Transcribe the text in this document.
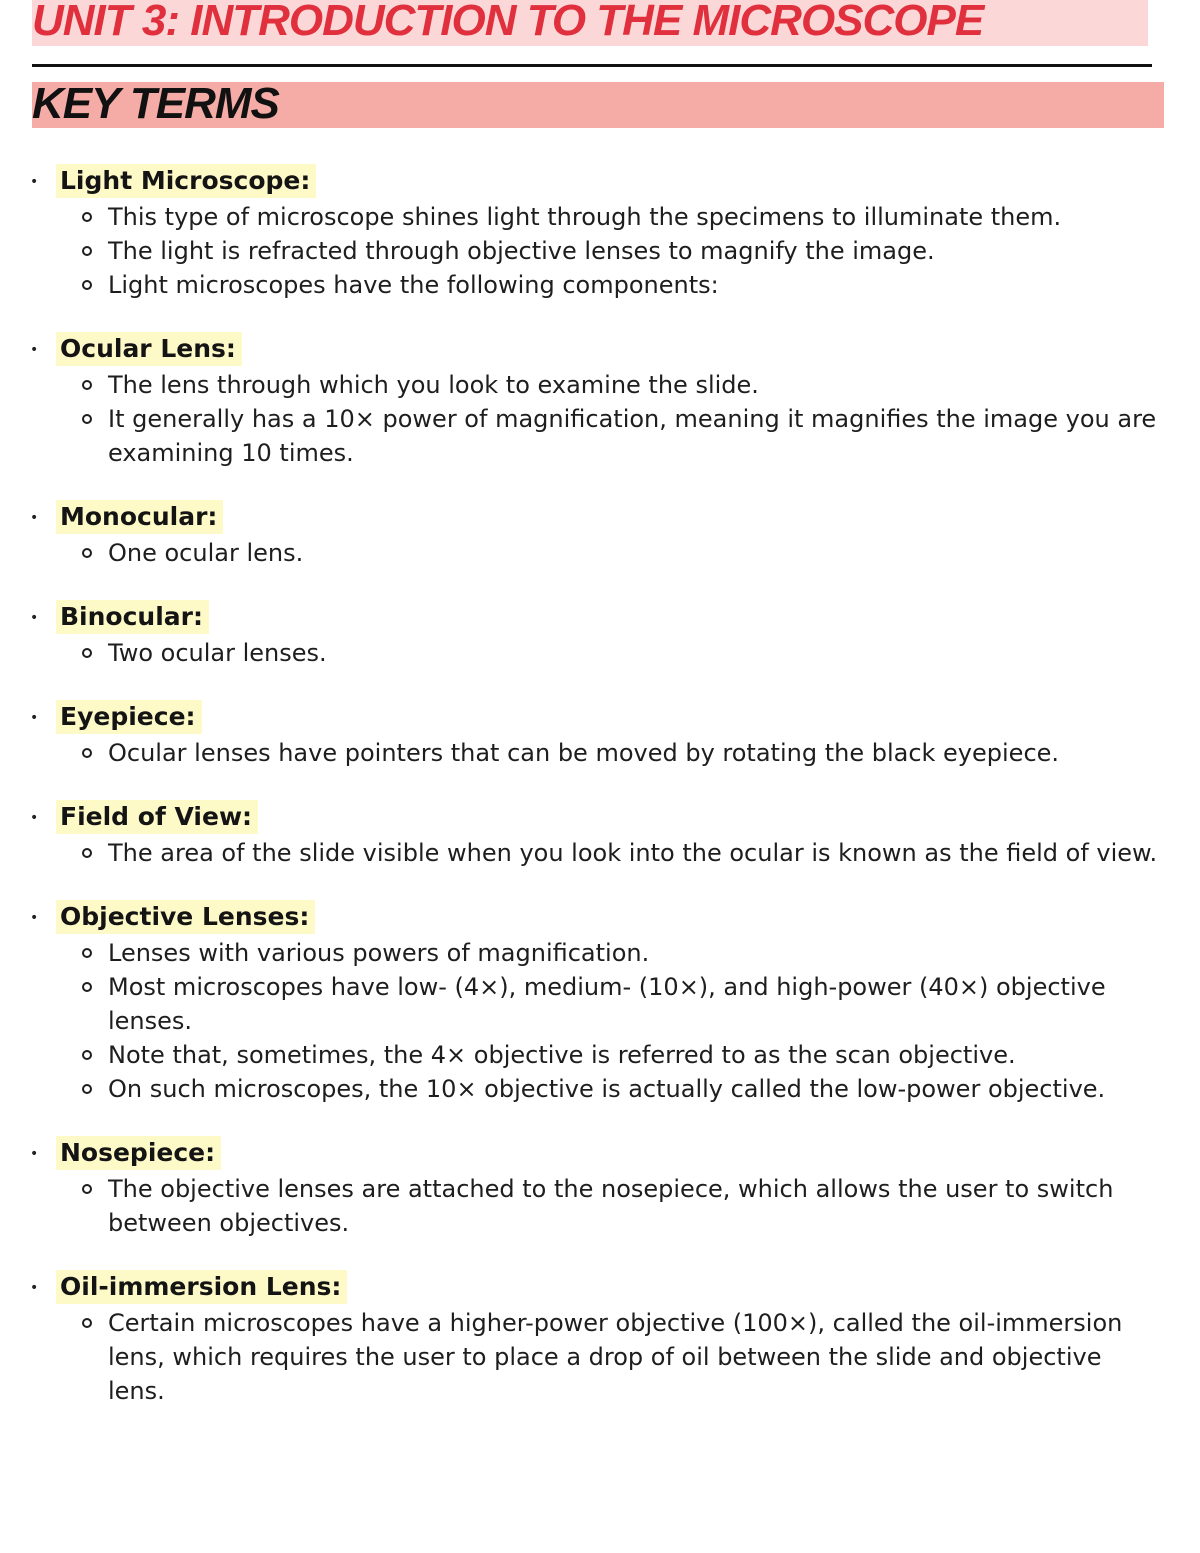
UNIT 3: INTRODUCTION TO THE MICROSCOPE
KEY TERMS
• Light Microscope:
This type of microscope shines light through the specimens to illuminate them.
The light is refracted through objective lenses to magnify the image.
Light microscopes have the following components:
• Ocular Lens:
The lens through which you look to examine the slide.
It generally has a 10× power of magnification, meaning it magnifies the image you are examining 10 times.
• Monocular:
One ocular lens.
• Binocular:
Two ocular lenses.
• Eyepiece:
Ocular lenses have pointers that can be moved by rotating the black eyepiece.
• Field of View:
The area of the slide visible when you look into the ocular is known as the field of view.
• Objective Lenses:
Lenses with various powers of magnification.
Most microscopes have low- (4×), medium- (10×), and high-power (40×) objective lenses.
Note that, sometimes, the 4× objective is referred to as the scan objective.
On such microscopes, the 10× objective is actually called the low-power objective.
• Nosepiece:
The objective lenses are attached to the nosepiece, which allows the user to switch between objectives.
• Oil-immersion Lens:
Certain microscopes have a higher-power objective (100×), called the oil-immersion lens, which requires the user to place a drop of oil between the slide and objective lens.
